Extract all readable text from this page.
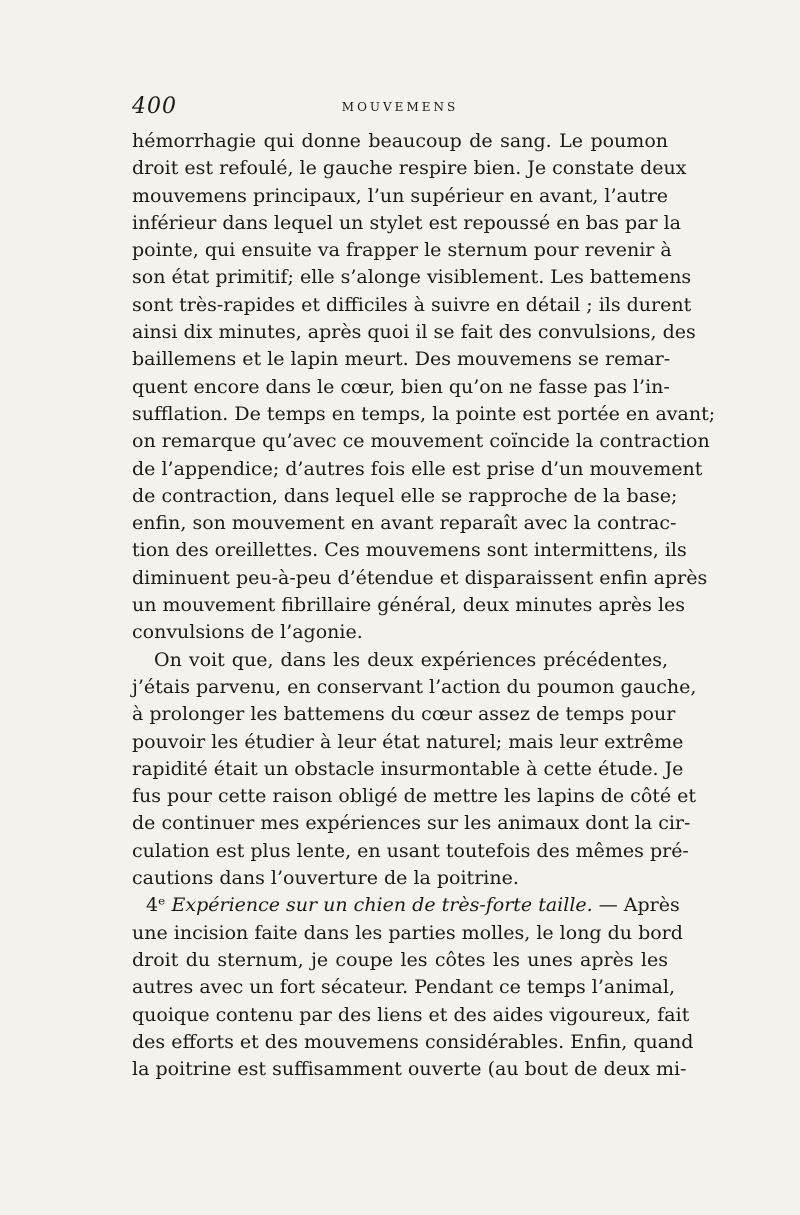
400	MOUVEMENS
hémorrhagie qui donne beaucoup de sang. Le poumon
droit est refoulé, le gauche respire bien. Je constate deux
mouvemens principaux, l’un supérieur en avant, l’autre
inférieur dans lequel un stylet est repoussé en bas par la
pointe, qui ensuite va frapper le sternum pour revenir à
son état primitif; elle s’alonge visiblement. Les battemens
sont très-rapides et difficiles à suivre en détail ; ils durent
ainsi dix minutes, après quoi il se fait des convulsions, des
baillemens et le lapin meurt. Des mouvemens se remar-
quent encore dans le cœur, bien qu’on ne fasse pas l’in-
sufflation. De temps en temps, la pointe est portée en avant;
on remarque qu’avec ce mouvement coïncide la contraction
de l’appendice; d’autres fois elle est prise d’un mouvement
de contraction, dans lequel elle se rapproche de la base;
enfin, son mouvement en avant reparaît avec la contrac-
tion des oreillettes. Ces mouvemens sont intermittens, ils
diminuent peu-à-peu d’étendue et disparaissent enfin après
un mouvement fibrillaire général, deux minutes après les
convulsions de l’agonie.
On voit que, dans les deux expériences précédentes,
j’étais parvenu, en conservant l’action du poumon gauche,
à prolonger les battemens du cœur assez de temps pour
pouvoir les étudier à leur état naturel; mais leur extrême
rapidité était un obstacle insurmontable à cette étude. Je
fus pour cette raison obligé de mettre les lapins de côté et
de continuer mes expériences sur les animaux dont la cir-
culation est plus lente, en usant toutefois des mêmes pré-
cautions dans l’ouverture de la poitrine.
4ᵉ Expérience sur un chien de très-forte taille. — Après
une incision faite dans les parties molles, le long du bord
droit du sternum, je coupe les côtes les unes après les
autres avec un fort sécateur. Pendant ce temps l’animal,
quoique contenu par des liens et des aides vigoureux, fait
des efforts et des mouvemens considérables. Enfin, quand
la poitrine est suffisamment ouverte (au bout de deux mi-
